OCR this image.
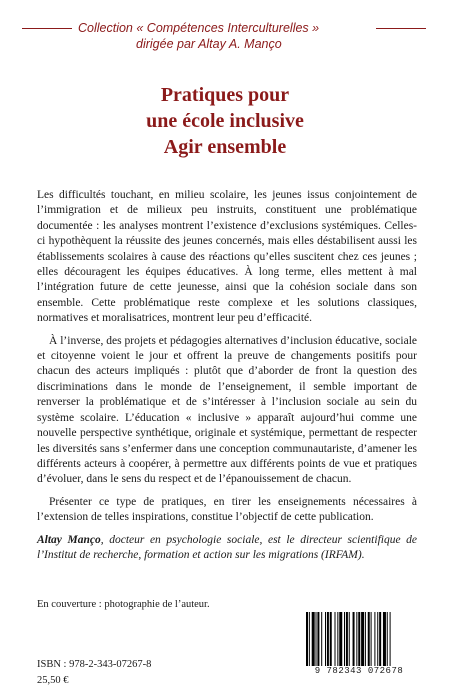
Collection « Compétences Interculturelles »
dirigée par Altay A. Manço
Pratiques pour
une école inclusive
Agir ensemble

Les difficultés touchant, en milieu scolaire, les jeunes issus conjointement de l’immigration et de milieux peu instruits, constituent une problématique documentée : les analyses montrent l’existence d’exclusions systémiques. Celles-ci hypothèquent la réussite des jeunes concernés, mais elles déstabilisent aussi les établissements scolaires à cause des réactions qu’elles suscitent chez ces jeunes ; elles découragent les équipes éducatives. À long terme, elles mettent à mal l’intégration future de cette jeunesse, ainsi que la cohésion sociale dans son ensemble. Cette problématique reste complexe et les solutions classiques, normatives et moralisatrices, montrent leur peu d’efficacité.

À l’inverse, des projets et pédagogies alternatives d’inclusion éducative, sociale et citoyenne voient le jour et offrent la preuve de changements positifs pour chacun des acteurs impliqués : plutôt que d’aborder de front la question des discriminations dans le monde de l’enseignement, il semble important de renverser la problématique et de s’intéresser à l’inclusion sociale au sein du système scolaire. L’éducation « inclusive » apparaît aujourd’hui comme une nouvelle perspective synthétique, originale et systémique, permettant de respecter les diversités sans s’enfermer dans une conception communautariste, d’amener les différents acteurs à coopérer, à permettre aux différents points de vue et pratiques d’évoluer, dans le sens du respect et de l’épanouissement de chacun.

Présenter ce type de pratiques, en tirer les enseignements nécessaires à l’extension de telles inspirations, constitue l’objectif de cette publication.

Altay Manço, docteur en psychologie sociale, est le directeur scientifique de l’Institut de recherche, formation et action sur les migrations (IRFAM).

En couverture : photographie de l’auteur.
ISBN : 978-2-343-07267-8
25,50 €
9 782343 072678
